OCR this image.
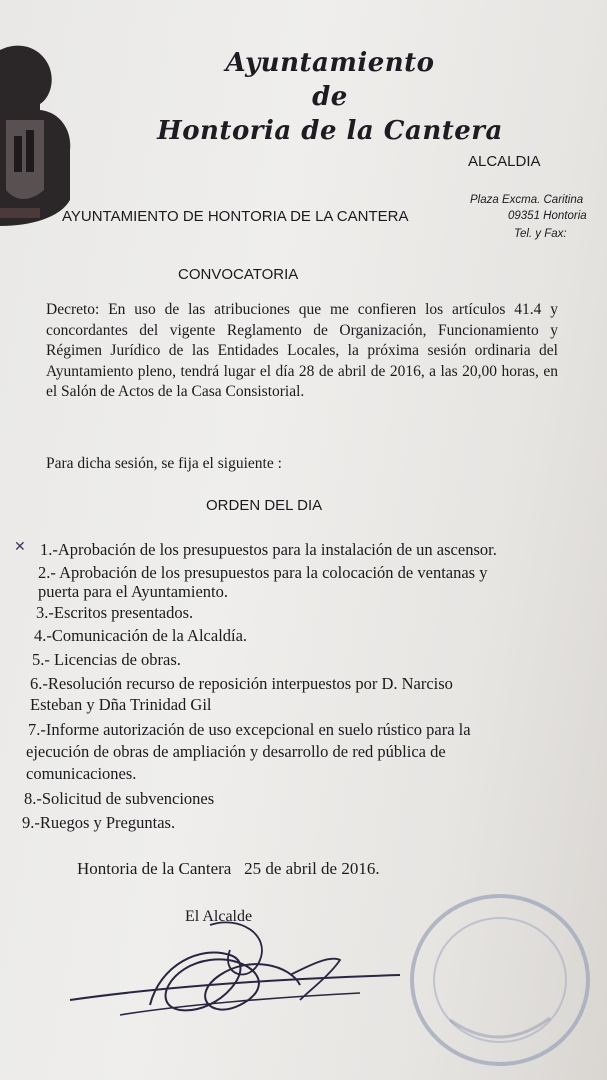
Ayuntamiento
de
Hontoria de la Cantera
ALCALDIA
Plaza Excma. Caritina
09351 Hontoria
Tel. y Fax:
AYUNTAMIENTO DE HONTORIA DE LA CANTERA
CONVOCATORIA
Decreto: En uso de las atribuciones que me confieren los artículos 41.4 y concordantes del vigente Reglamento de Organización, Funcionamiento y Régimen Jurídico de las Entidades Locales, la próxima sesión ordinaria del Ayuntamiento pleno, tendrá lugar el día 28 de abril de 2016, a las 20,00 horas, en el Salón de Actos de la Casa Consistorial.
Para dicha sesión, se fija el siguiente :
ORDEN DEL DIA
✕ 1.-Aprobación de los presupuestos para la instalación de un ascensor.
2.- Aprobación de los presupuestos para la colocación de ventanas y
puerta para el Ayuntamiento.
3.-Escritos presentados.
4.-Comunicación de la Alcaldía.
5.- Licencias de obras.
6.-Resolución recurso de reposición interpuestos por D. Narciso
Esteban y Dña Trinidad Gil
7.-Informe autorización de uso excepcional en suelo rústico para la
ejecución de obras de ampliación y desarrollo de red pública de
comunicaciones.
8.-Solicitud de subvenciones
9.-Ruegos y Preguntas.
Hontoria de la Cantera   25 de abril de 2016.
El Alcalde
